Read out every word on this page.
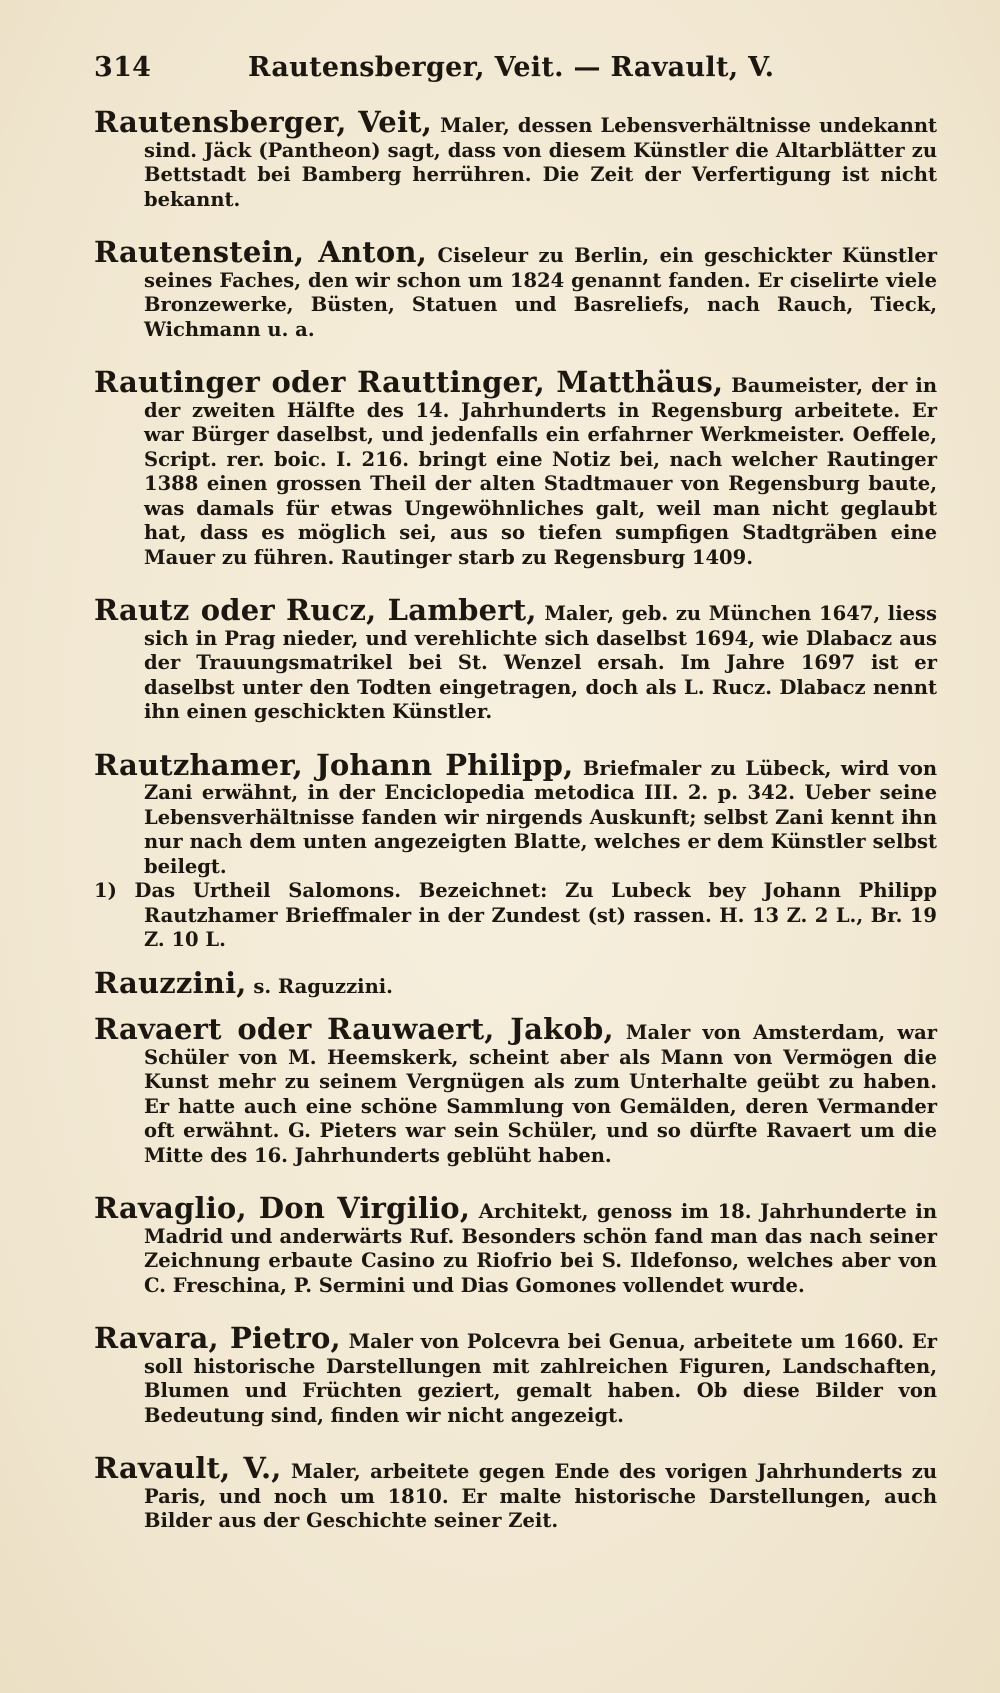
314	Rautensberger, Veit. — Ravault, V.

Rautensberger, Veit, Maler, dessen Lebensverhältnisse undekannt sind. Jäck (Pantheon) sagt, dass von diesem Künstler die Altarblätter zu Bettstadt bei Bamberg herrühren. Die Zeit der Verfertigung ist nicht bekannt.

Rautenstein, Anton, Ciseleur zu Berlin, ein geschickter Künstler seines Faches, den wir schon um 1824 genannt fanden. Er ciselirte viele Bronzewerke, Büsten, Statuen und Basreliefs, nach Rauch, Tieck, Wichmann u. a.

Rautinger oder Rauttinger, Matthäus, Baumeister, der in der zweiten Hälfte des 14. Jahrhunderts in Regensburg arbeitete. Er war Bürger daselbst, und jedenfalls ein erfahrner Werkmeister. Oeffele, Script. rer. boic. I. 216. bringt eine Notiz bei, nach welcher Rautinger 1388 einen grossen Theil der alten Stadtmauer von Regensburg baute, was damals für etwas Ungewöhnliches galt, weil man nicht geglaubt hat, dass es möglich sei, aus so tiefen sumpfigen Stadtgräben eine Mauer zu führen. Rautinger starb zu Regensburg 1409.

Rautz oder Rucz, Lambert, Maler, geb. zu München 1647, liess sich in Prag nieder, und verehlichte sich daselbst 1694, wie Dlabacz aus der Trauungsmatrikel bei St. Wenzel ersah. Im Jahre 1697 ist er daselbst unter den Todten eingetragen, doch als L. Rucz. Dlabacz nennt ihn einen geschickten Künstler.

Rautzhamer, Johann Philipp, Briefmaler zu Lübeck, wird von Zani erwähnt, in der Enciclopedia metodica III. 2. p. 342. Ueber seine Lebensverhältnisse fanden wir nirgends Auskunft; selbst Zani kennt ihn nur nach dem unten angezeigten Blatte, welches er dem Künstler selbst beilegt.

1) Das Urtheil Salomons. Bezeichnet: Zu Lubeck bey Johann Philipp Rautzhamer Brieffmaler in der Zundest (st) rassen. H. 13 Z. 2 L., Br. 19 Z. 10 L.

Rauzzini, s. Raguzzini.

Ravaert oder Rauwaert, Jakob, Maler von Amsterdam, war Schüler von M. Heemskerk, scheint aber als Mann von Vermögen die Kunst mehr zu seinem Vergnügen als zum Unterhalte geübt zu haben. Er hatte auch eine schöne Sammlung von Gemälden, deren Vermander oft erwähnt. G. Pieters war sein Schüler, und so dürfte Ravaert um die Mitte des 16. Jahrhunderts geblüht haben.

Ravaglio, Don Virgilio, Architekt, genoss im 18. Jahrhunderte in Madrid und anderwärts Ruf. Besonders schön fand man das nach seiner Zeichnung erbaute Casino zu Riofrio bei S. Ildefonso, welches aber von C. Freschina, P. Sermini und Dias Gomones vollendet wurde.

Ravara, Pietro, Maler von Polcevra bei Genua, arbeitete um 1660. Er soll historische Darstellungen mit zahlreichen Figuren, Landschaften, Blumen und Früchten geziert, gemalt haben. Ob diese Bilder von Bedeutung sind, finden wir nicht angezeigt.

Ravault, V., Maler, arbeitete gegen Ende des vorigen Jahrhunderts zu Paris, und noch um 1810. Er malte historische Darstellungen, auch Bilder aus der Geschichte seiner Zeit.
